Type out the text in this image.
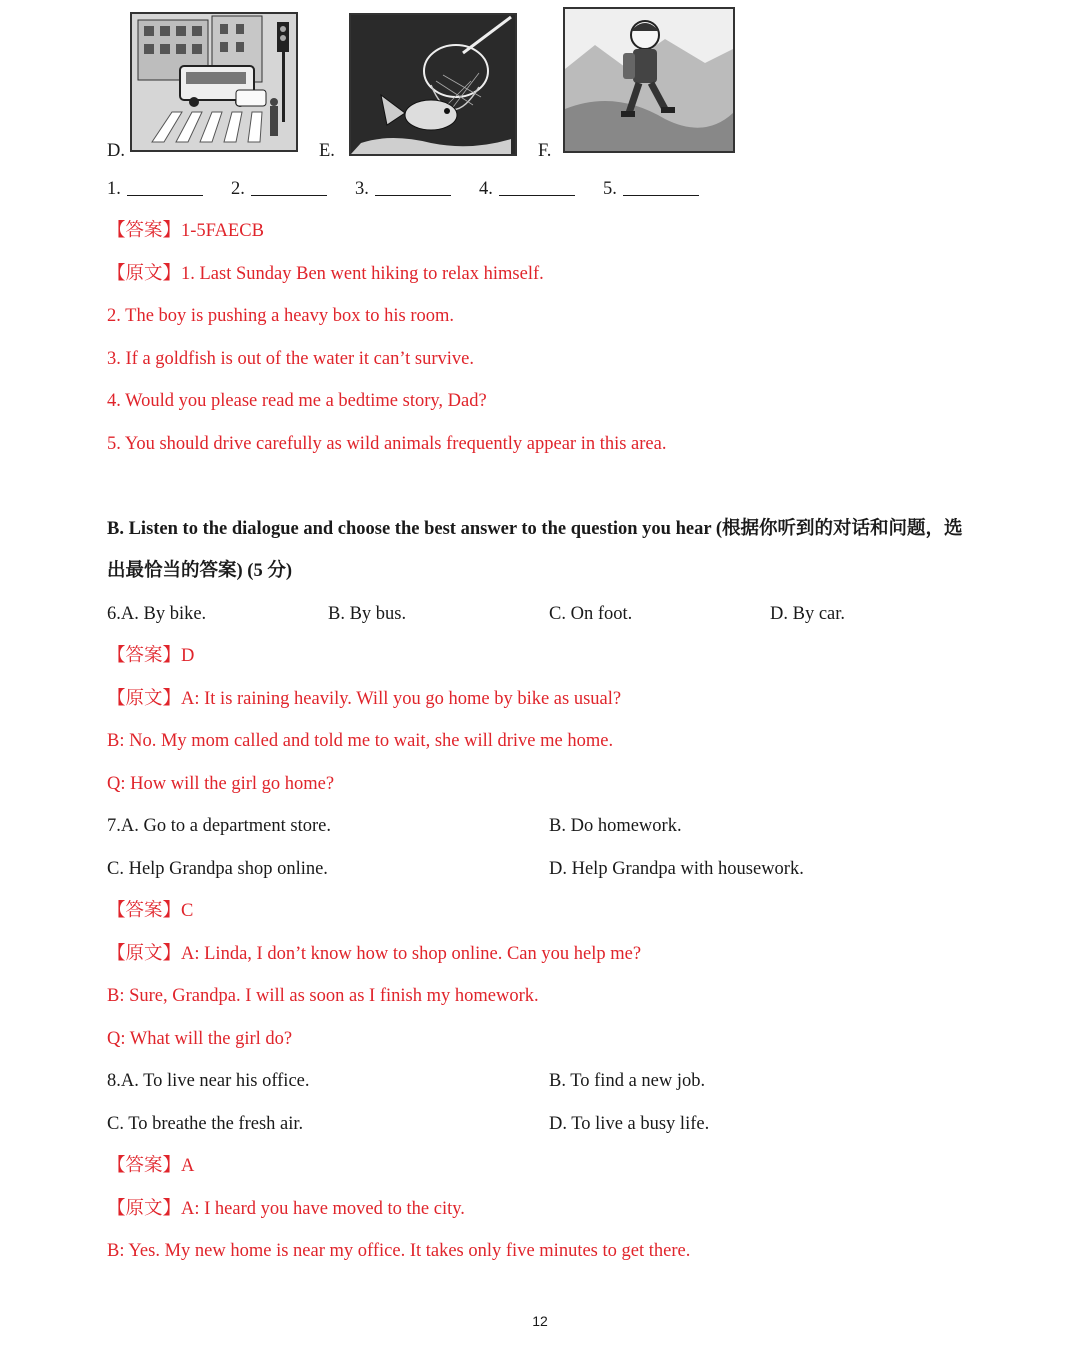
D.	E.	F.
1.	2.	3.	4.	5.
【答案】1-5FAECB
【原文】1. Last Sunday Ben went hiking to relax himself.
2. The boy is pushing a heavy box to his room.
3. If a goldfish is out of the water it can’t survive.
4. Would you please read me a bedtime story, Dad?
5. You should drive carefully as wild animals frequently appear in this area.
B. Listen to the dialogue and choose the best answer to the question you hear (根据你听到的对话和问题，选
出最恰当的答案) (5 分)
6.A. By bike.	B. By bus.	C. On foot.	D. By car.
【答案】D
【原文】A: It is raining heavily. Will you go home by bike as usual?
B: No. My mom called and told me to wait, she will drive me home.
Q: How will the girl go home?
7.A. Go to a department store.	B. Do homework.
C. Help Grandpa shop online.	D. Help Grandpa with housework.
【答案】C
【原文】A: Linda, I don’t know how to shop online. Can you help me?
B: Sure, Grandpa. I will as soon as I finish my homework.
Q: What will the girl do?
8.A. To live near his office.	B. To find a new job.
C. To breathe the fresh air.	D. To live a busy life.
【答案】A
【原文】A: I heard you have moved to the city.
B: Yes. My new home is near my office. It takes only five minutes to get there.
12
